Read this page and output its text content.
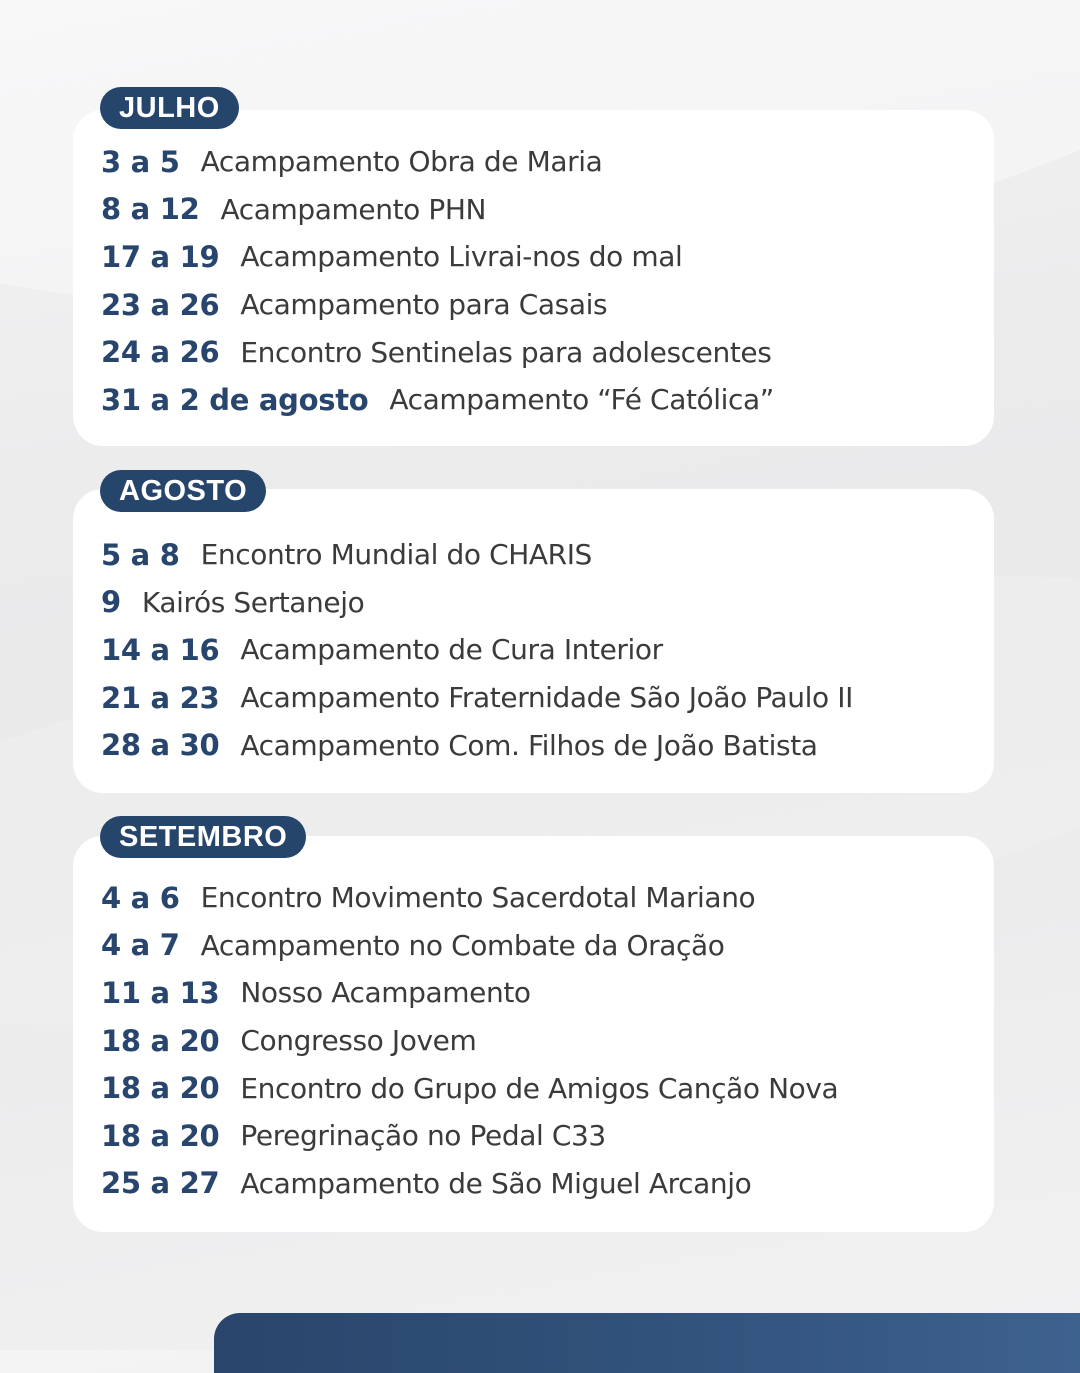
JULHO
3 a 5 Acampamento Obra de Maria
8 a 12 Acampamento PHN
17 a 19 Acampamento Livrai-nos do mal
23 a 26 Acampamento para Casais
24 a 26 Encontro Sentinelas para adolescentes
31 a 2 de agosto Acampamento “Fé Católica”
AGOSTO
5 a 8 Encontro Mundial do CHARIS
9 Kairós Sertanejo
14 a 16 Acampamento de Cura Interior
21 a 23 Acampamento Fraternidade São João Paulo II
28 a 30 Acampamento Com. Filhos de João Batista
SETEMBRO
4 a 6 Encontro Movimento Sacerdotal Mariano
4 a 7 Acampamento no Combate da Oração
11 a 13 Nosso Acampamento
18 a 20 Congresso Jovem
18 a 20 Encontro do Grupo de Amigos Canção Nova
18 a 20 Peregrinação no Pedal C33
25 a 27 Acampamento de São Miguel Arcanjo
